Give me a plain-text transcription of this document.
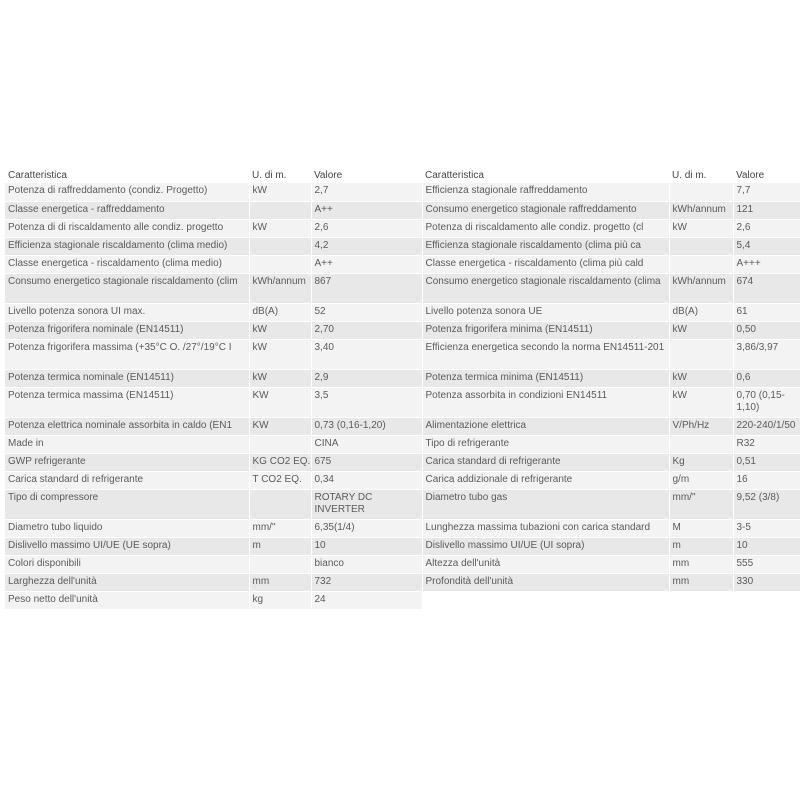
Caratteristica	U. di m.	Valore	Caratteristica	U. di m.	Valore
Potenza di raffreddamento (condiz. Progetto)	kW	2,7	Efficienza stagionale raffreddamento		7,7
Classe energetica - raffreddamento		A++	Consumo energetico stagionale raffreddamento	kWh/annum	121
Potenza di di riscaldamento alle condiz. progetto	kW	2,6	Potenza di riscaldamento alle condiz. progetto (cl	kW	2,6
Efficienza stagionale riscaldamento (clima medio)		4,2	Efficienza stagionale riscaldamento (clima più ca		5,4
Classe energetica - riscaldamento (clima medio)		A++	Classe energetica - riscaldamento (clima più cald		A+++
Consumo energetico stagionale riscaldamento (clim	kWh/annum	867	Consumo energetico stagionale riscaldamento (clima	kWh/annum	674
Livello potenza sonora UI max.	dB(A)	52	Livello potenza sonora UE	dB(A)	61
Potenza frigorifera nominale (EN14511)	kW	2,70	Potenza frigorifera minima (EN14511)	kW	0,50
Potenza frigorifera massima (+35°C O. /27°/19°C I	kW	3,40	Efficienza energetica secondo la norma EN14511-201		3,86/3,97
Potenza termica nominale (EN14511)	kW	2,9	Potenza termica minima (EN14511)	kW	0,6
Potenza termica massima (EN14511)	KW	3,5	Potenza assorbita in condizioni EN14511	kW	0,70 (0,15-1,10)
Potenza elettrica nominale assorbita in caldo (EN1	KW	0,73 (0,16-1,20)	Alimentazione elettrica	V/Ph/Hz	220-240/1/50
Made in		CINA	Tipo di refrigerante		R32
GWP refrigerante	KG CO2 EQ.	675	Carica standard di refrigerante	Kg	0,51
Carica standard di refrigerante	T CO2 EQ.	0,34	Carica addizionale di refrigerante	g/m	16
Tipo di compressore		ROTARY DC INVERTER	Diametro tubo gas	mm/"	9,52 (3/8)
Diametro tubo liquido	mm/"	6,35(1/4)	Lunghezza massima tubazioni con carica standard	M	3-5
Dislivello massimo UI/UE (UE sopra)	m	10	Dislivello massimo UI/UE (UI sopra)	m	10
Colori disponibili		bianco	Altezza dell'unità	mm	555
Larghezza dell'unità	mm	732	Profondità dell'unità	mm	330
Peso netto dell'unità	kg	24			
